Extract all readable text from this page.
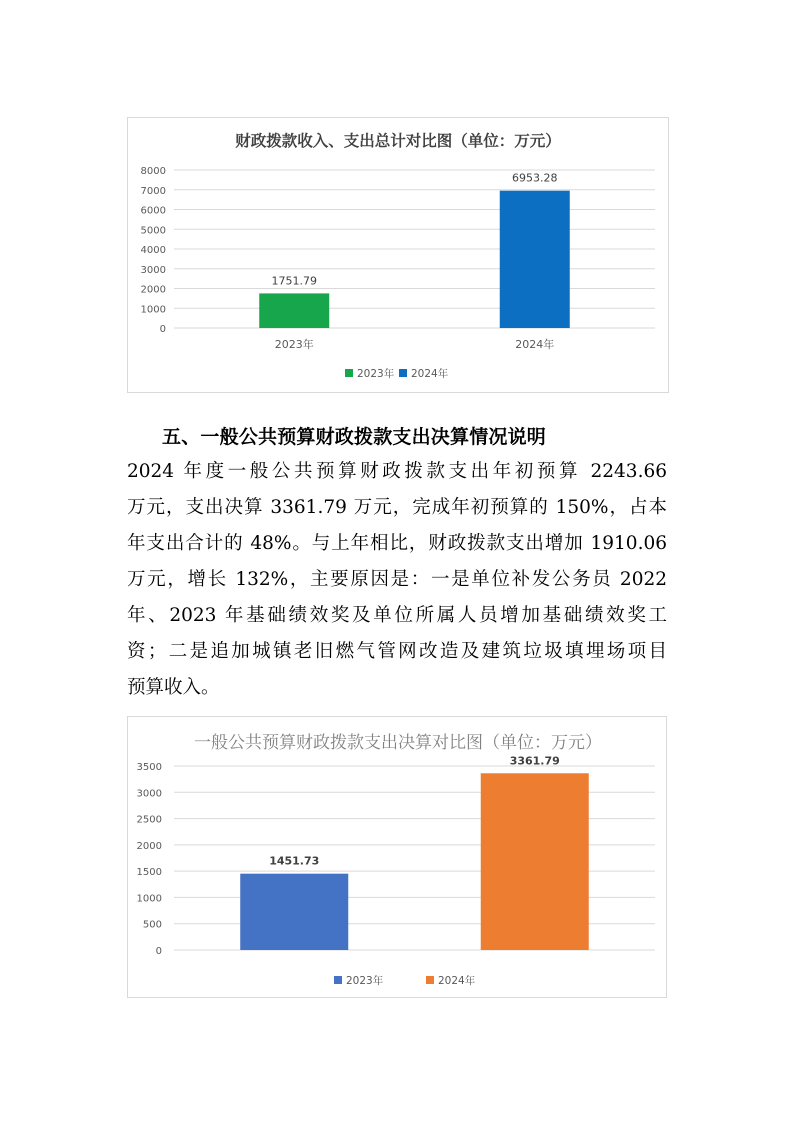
财政拨款收入、支出总计对比图（单位：万元）
0
1000
2000
3000
4000
5000
6000
7000
8000
1751.79
2023年
6953.28
2024年
2023年 2024年
五、一般公共预算财政拨款支出决算情况说明
2024 年度一般公共预算财政拨款支出年初预算 2243.66
万元，支出决算 3361.79 万元，完成年初预算的 150%，占本
年支出合计的 48%。与上年相比，财政拨款支出增加 1910.06
万元，增长 132%，主要原因是：一是单位补发公务员 2022
年、2023 年基础绩效奖及单位所属人员增加基础绩效奖工
资；二是追加城镇老旧燃气管网改造及建筑垃圾填埋场项目
预算收入。
一般公共预算财政拨款支出决算对比图（单位：万元）
0
500
1000
1500
2000
2500
3000
3500
1451.73
3361.79
2023年	2024年
